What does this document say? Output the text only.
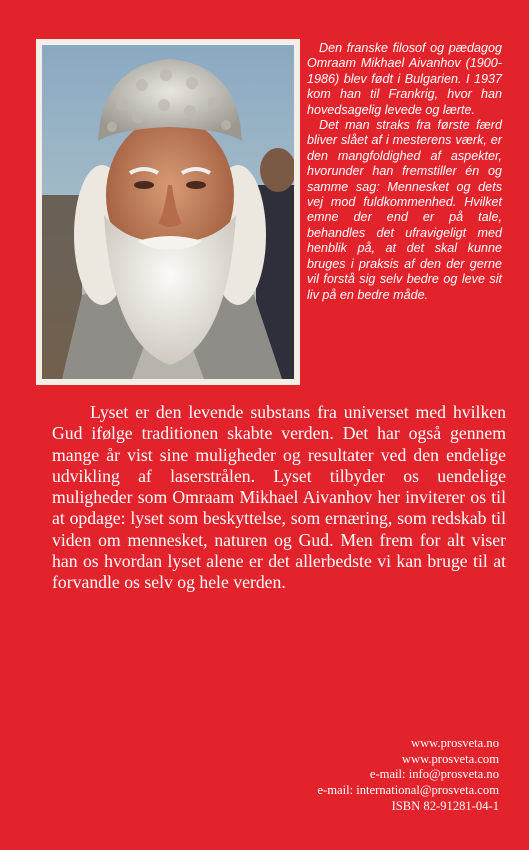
Den franske filosof og pædagog Omraam Mikhael Aivanhov (1900-1986) blev født i Bulgarien. I 1937 kom han til Frankrig, hvor han hovedsagelig levede og lærte.

Det man straks fra første færd bliver slået af i mesterens værk, er den mangfoldighed af aspekter, hvorunder han fremstiller én og samme sag: Mennesket og dets vej mod fuldkommenhed. Hvilket emne der end er på tale, behandles det ufravigeligt med henblik på, at det skal kunne bruges i praksis af den der gerne vil forstå sig selv bedre og leve sit liv på en bedre måde.

Lyset er den levende substans fra universet med hvilken Gud ifølge traditionen skabte verden. Det har også gennem mange år vist sine muligheder og resultater ved den endelige udvikling af laserstrålen. Lyset tilbyder os uendelige muligheder som Omraam Mikhael Aivanhov her inviterer os til at opdage: lyset som beskyttelse, som ernæring, som redskab til viden om mennesket, naturen og Gud. Men frem for alt viser han os hvordan lyset alene er det allerbedste vi kan bruge til at forvandle os selv og hele verden.

www.prosveta.no
www.prosveta.com
e-mail: info@prosveta.no
e-mail: international@prosveta.com
ISBN 82-91281-04-1
